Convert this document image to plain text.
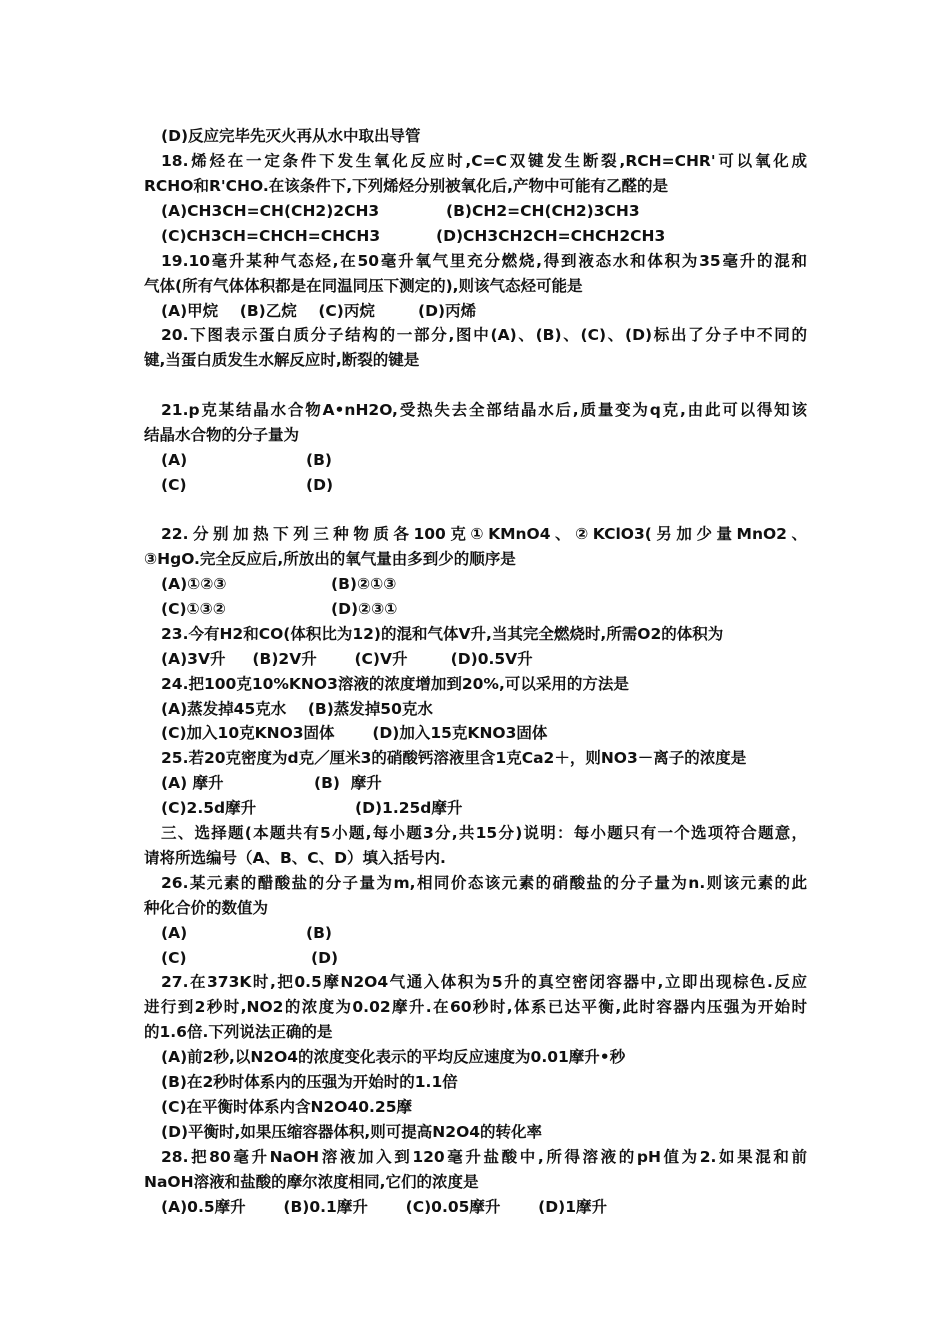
(D)反应完毕先灭火再从水中取出导管
18.烯烃在一定条件下发生氧化反应时,C=C双键发生断裂,RCH=CHR'可以氧化成
RCHO和R'CHO.在该条件下,下列烯烃分别被氧化后,产物中可能有乙醛的是
(A)CH3CH=CH(CH2)2CH3	(B)CH2=CH(CH2)3CH3
(C)CH3CH=CHCH=CHCH3	(D)CH3CH2CH=CHCH2CH3
19.10毫升某种气态烃,在50毫升氧气里充分燃烧,得到液态水和体积为35毫升的混和
气体(所有气体体积都是在同温同压下测定的),则该气态烃可能是
(A)甲烷    (B)乙烷    (C)丙烷        (D)丙烯
20.下图表示蛋白质分子结构的一部分,图中(A)、(B)、(C)、(D)标出了分子中不同的
键,当蛋白质发生水解反应时,断裂的键是
21.p克某结晶水合物A•nH2O,受热失去全部结晶水后,质量变为q克,由此可以得知该
结晶水合物的分子量为
(A)	(B)
(C)	(D)
22.分别加热下列三种物质各100克①KMnO4、②KClO3(另加少量MnO2、
③HgO.完全反应后,所放出的氧气量由多到少的顺序是
(A)①②③	(B)②①③
(C)①③②	(D)②③①
23.今有H2和CO(体积比为12)的混和气体V升,当其完全燃烧时,所需O2的体积为
(A)3V升     (B)2V升       (C)V升        (D)0.5V升
24.把100克10%KNO3溶液的浓度增加到20%,可以采用的方法是
(A)蒸发掉45克水    (B)蒸发掉50克水
(C)加入10克KNO3固体       (D)加入15克KNO3固体
25.若20克密度为d克／厘米3的硝酸钙溶液里含1克Ca2＋，则NO3－离子的浓度是
(A) 摩升	(B)  摩升
(C)2.5d摩升	(D)1.25d摩升
三、选择题(本题共有5小题,每小题3分,共15分)说明：每小题只有一个选项符合题意，
请将所选编号（A、B、C、D）填入括号内.
26.某元素的醋酸盐的分子量为m,相同价态该元素的硝酸盐的分子量为n.则该元素的此
种化合价的数值为
(A)	(B)
(C)	(D)
27.在373K时,把0.5摩N2O4气通入体积为5升的真空密闭容器中,立即出现棕色.反应
进行到2秒时,NO2的浓度为0.02摩升.在60秒时,体系已达平衡,此时容器内压强为开始时
的1.6倍.下列说法正确的是
(A)前2秒,以N2O4的浓度变化表示的平均反应速度为0.01摩升•秒
(B)在2秒时体系内的压强为开始时的1.1倍
(C)在平衡时体系内含N2O40.25摩
(D)平衡时,如果压缩容器体积,则可提高N2O4的转化率
28.把80毫升NaOH溶液加入到120毫升盐酸中,所得溶液的pH值为2.如果混和前
NaOH溶液和盐酸的摩尔浓度相同,它们的浓度是
(A)0.5摩升       (B)0.1摩升       (C)0.05摩升       (D)1摩升
